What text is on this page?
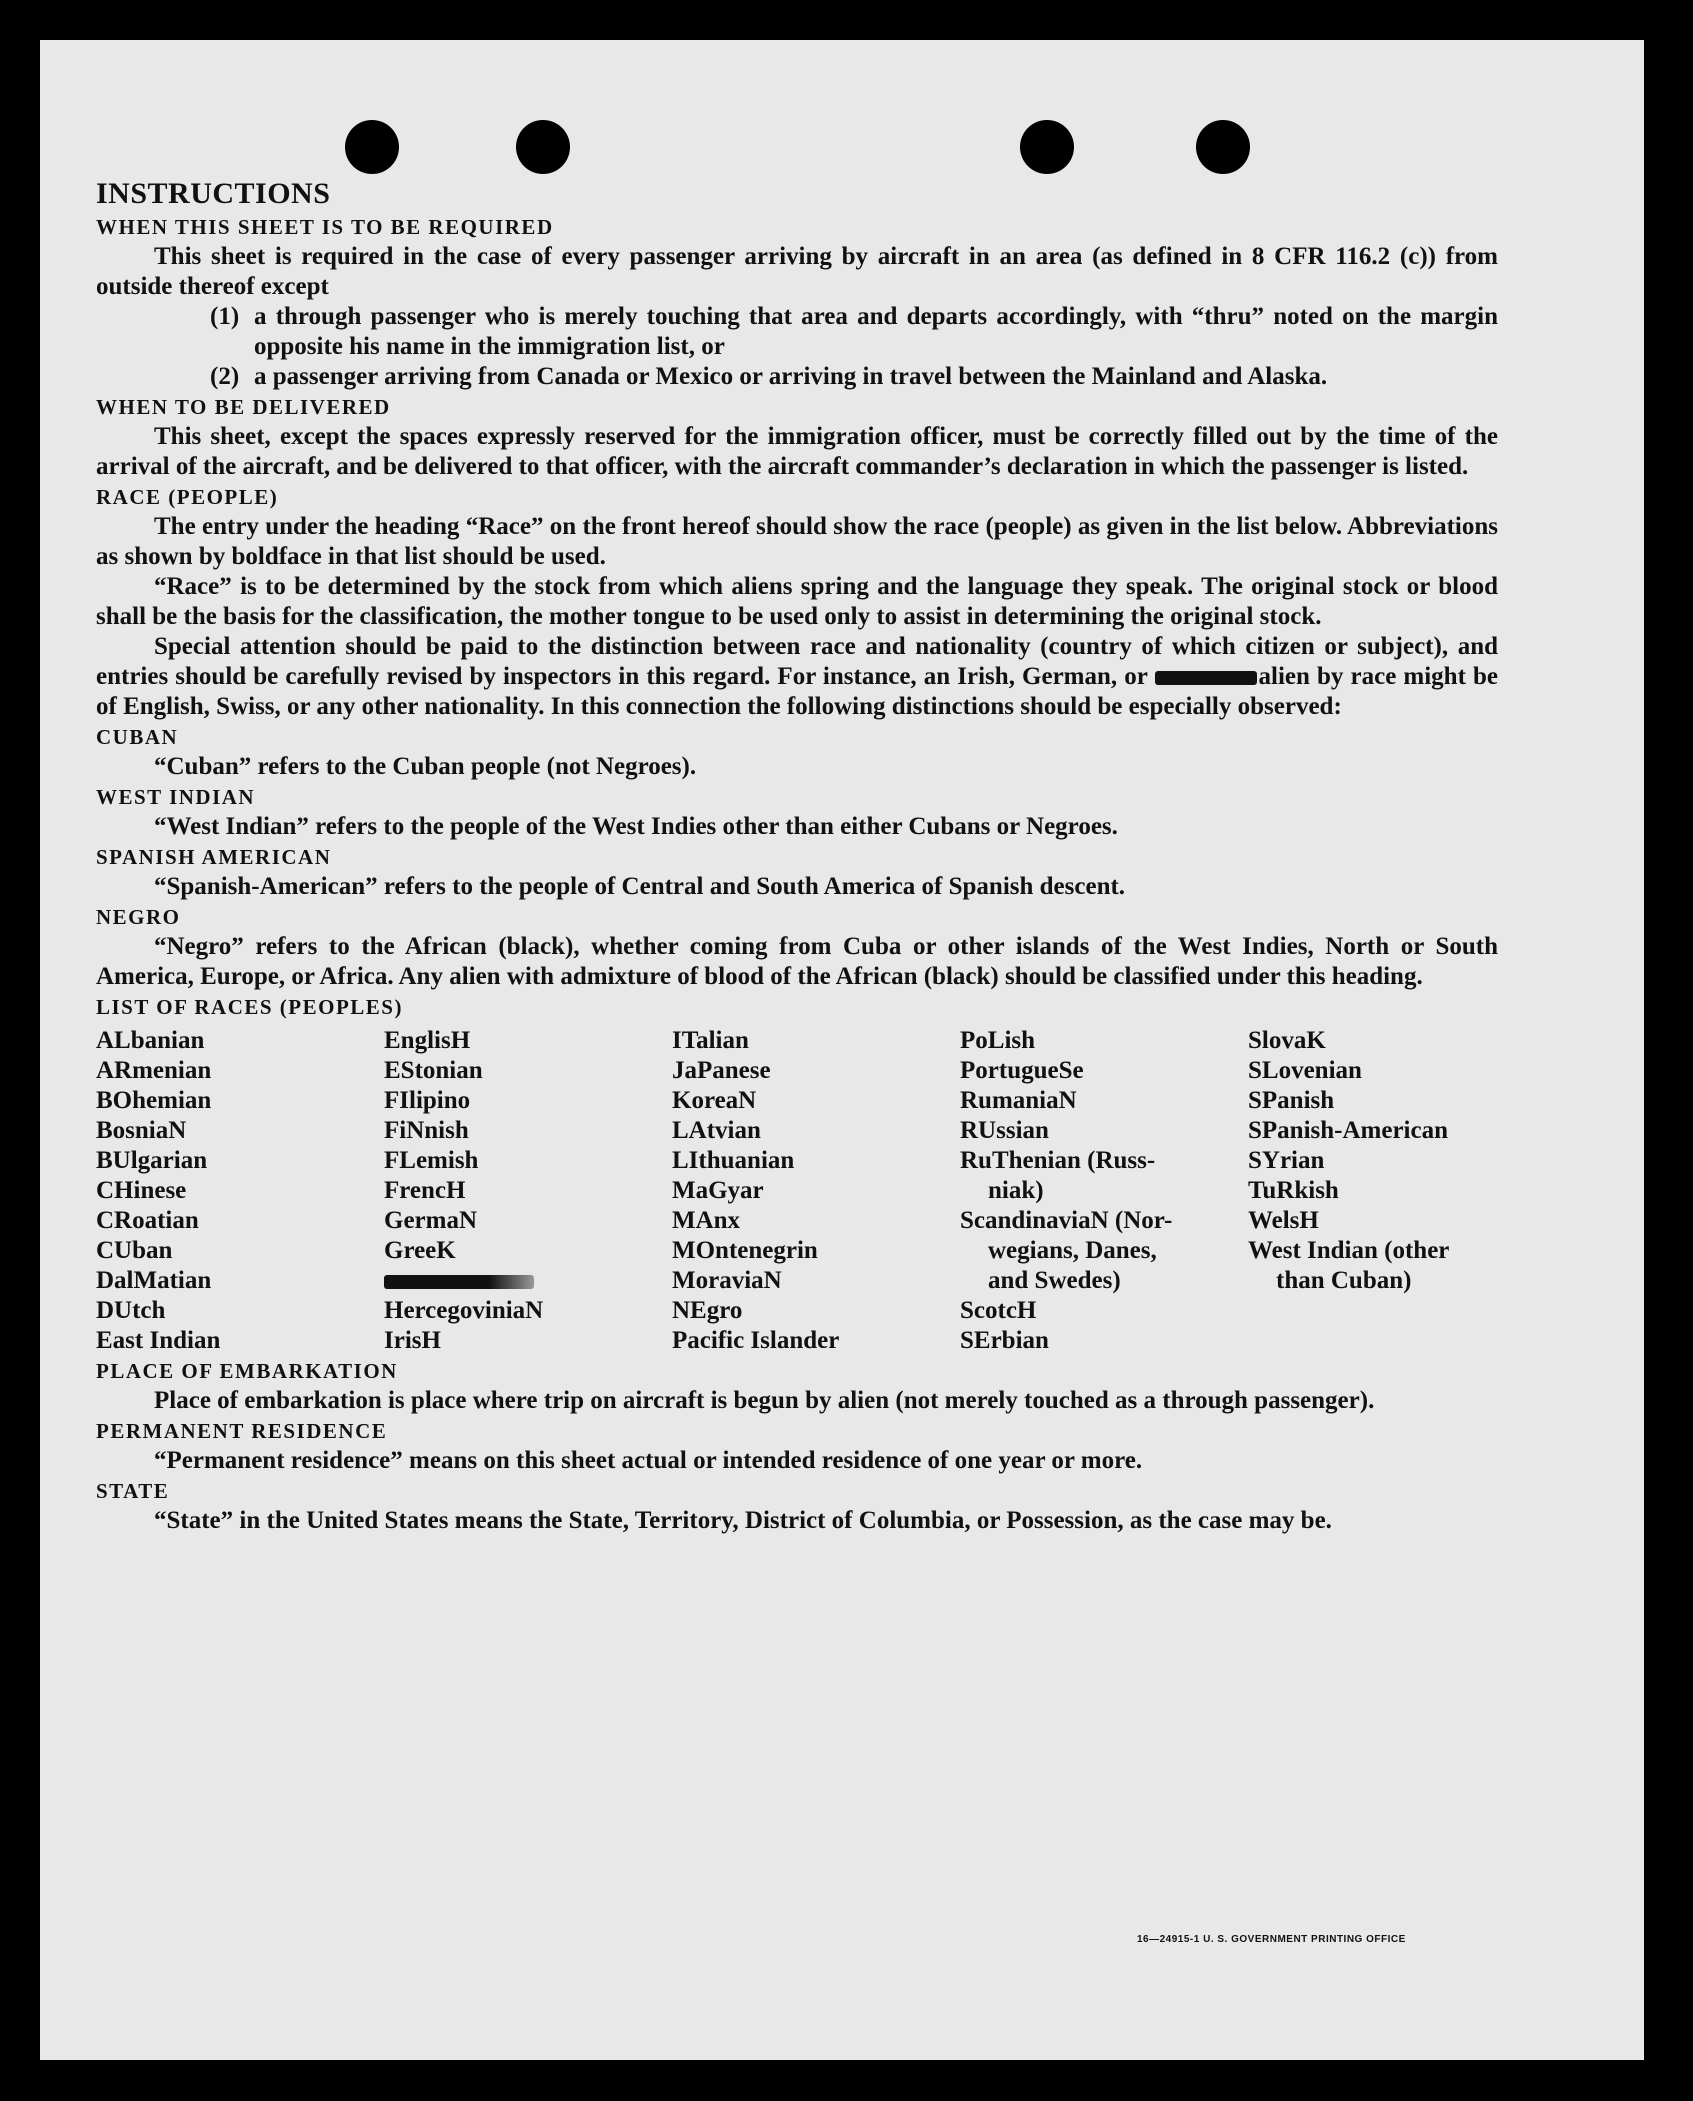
INSTRUCTIONS

WHEN THIS SHEET IS TO BE REQUIRED

This sheet is required in the case of every passenger arriving by aircraft in an area (as defined in 8 CFR 116.2 (c)) from outside thereof except

(1) a through passenger who is merely touching that area and departs accordingly, with “thru” noted on the margin opposite his name in the immigration list, or
(2) a passenger arriving from Canada or Mexico or arriving in travel between the Mainland and Alaska.

WHEN TO BE DELIVERED

This sheet, except the spaces expressly reserved for the immigration officer, must be correctly filled out by the time of the arrival of the aircraft, and be delivered to that officer, with the aircraft commander’s declaration in which the passenger is listed.

RACE (PEOPLE)

The entry under the heading “Race” on the front hereof should show the race (people) as given in the list below. Abbreviations as shown by boldface in that list should be used.

“Race” is to be determined by the stock from which aliens spring and the language they speak. The original stock or blood shall be the basis for the classification, the mother tongue to be used only to assist in determining the original stock.

Special attention should be paid to the distinction between race and nationality (country of which citizen or subject), and entries should be carefully revised by inspectors in this regard. For instance, an Irish, German, or	alien by race might be of English, Swiss, or any other nationality. In this connection the following distinctions should be especially observed:

CUBAN

“Cuban” refers to the Cuban people (not Negroes).

WEST INDIAN

“West Indian” refers to the people of the West Indies other than either Cubans or Negroes.

SPANISH AMERICAN

“Spanish-American” refers to the people of Central and South America of Spanish descent.

NEGRO

“Negro” refers to the African (black), whether coming from Cuba or other islands of the West Indies, North or South America, Europe, or Africa. Any alien with admixture of blood of the African (black) should be classified under this heading.

LIST OF RACES (PEOPLES)

ALbanian
ARmenian
BOhemian
BosniaN
BUlgarian
CHinese
CRoatian
CUban
DalMatian
DUtch
East Indian
EnglisH
EStonian
FIlipino
FiNnish
FLemish
FrencH
GermaN
GreeK
HercegoviniaN
IrisH
ITalian
JaPanese
KoreaN
LAtvian
LIthuanian
MaGyar
MAnx
MOntenegrin
MoraviaN
NEgro
Pacific Islander
PoLish
PortugueSe
RumaniaN
RUssian
RuThenian (Russ-
niak)
ScandinaviaN (Nor-
wegians, Danes,
and Swedes)
ScotcH
SErbian
SlovaK
SLovenian
SPanish
SPanish-American
SYrian
TuRkish
WelsH
West Indian (other
than Cuban)

PLACE OF EMBARKATION

Place of embarkation is place where trip on aircraft is begun by alien (not merely touched as a through passenger).

PERMANENT RESIDENCE

“Permanent residence” means on this sheet actual or intended residence of one year or more.

STATE

“State” in the United States means the State, Territory, District of Columbia, or Possession, as the case may be.

16—24915-1 U. S. GOVERNMENT PRINTING OFFICE
